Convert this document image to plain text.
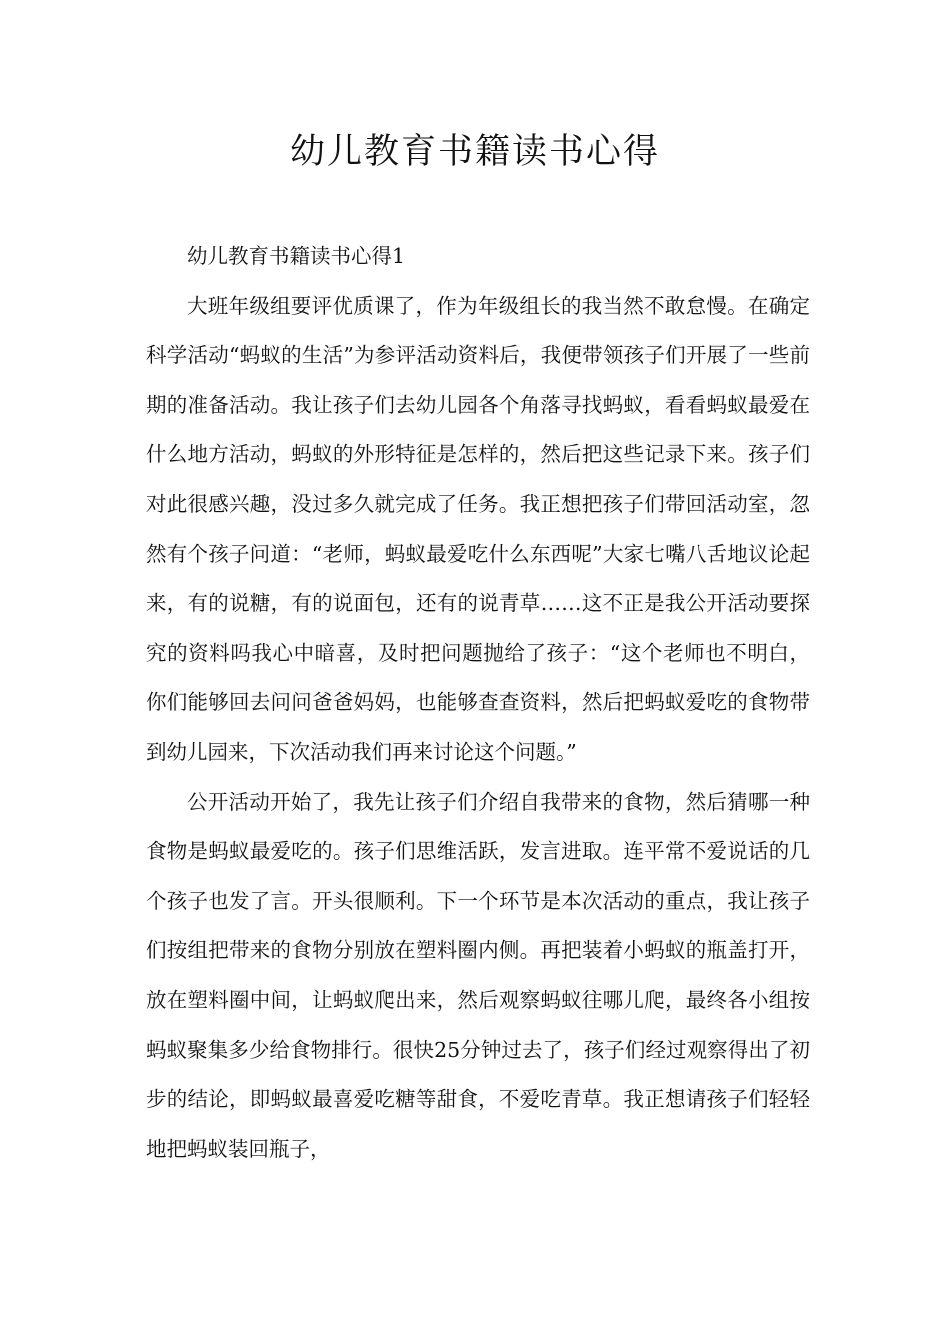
幼儿教育书籍读书心得

幼儿教育书籍读书心得1

大班年级组要评优质课了，作为年级组长的我当然不敢怠慢。在确定科学活动“蚂蚁的生活”为参评活动资料后，我便带领孩子们开展了一些前期的准备活动。我让孩子们去幼儿园各个角落寻找蚂蚁，看看蚂蚁最爱在什么地方活动，蚂蚁的外形特征是怎样的，然后把这些记录下来。孩子们对此很感兴趣，没过多久就完成了任务。我正想把孩子们带回活动室，忽然有个孩子问道：“老师，蚂蚁最爱吃什么东西呢”大家七嘴八舌地议论起来，有的说糖，有的说面包，还有的说青草……这不正是我公开活动要探究的资料吗我心中暗喜，及时把问题抛给了孩子：“这个老师也不明白，你们能够回去问问爸爸妈妈，也能够查查资料，然后把蚂蚁爱吃的食物带到幼儿园来，下次活动我们再来讨论这个问题。”

公开活动开始了，我先让孩子们介绍自我带来的食物，然后猜哪一种食物是蚂蚁最爱吃的。孩子们思维活跃，发言进取。连平常不爱说话的几个孩子也发了言。开头很顺利。下一个环节是本次活动的重点，我让孩子们按组把带来的食物分别放在塑料圈内侧。再把装着小蚂蚁的瓶盖打开，放在塑料圈中间，让蚂蚁爬出来，然后观察蚂蚁往哪儿爬，最终各小组按蚂蚁聚集多少给食物排行。很快25分钟过去了，孩子们经过观察得出了初步的结论，即蚂蚁最喜爱吃糖等甜食，不爱吃青草。我正想请孩子们轻轻地把蚂蚁装回瓶子，
